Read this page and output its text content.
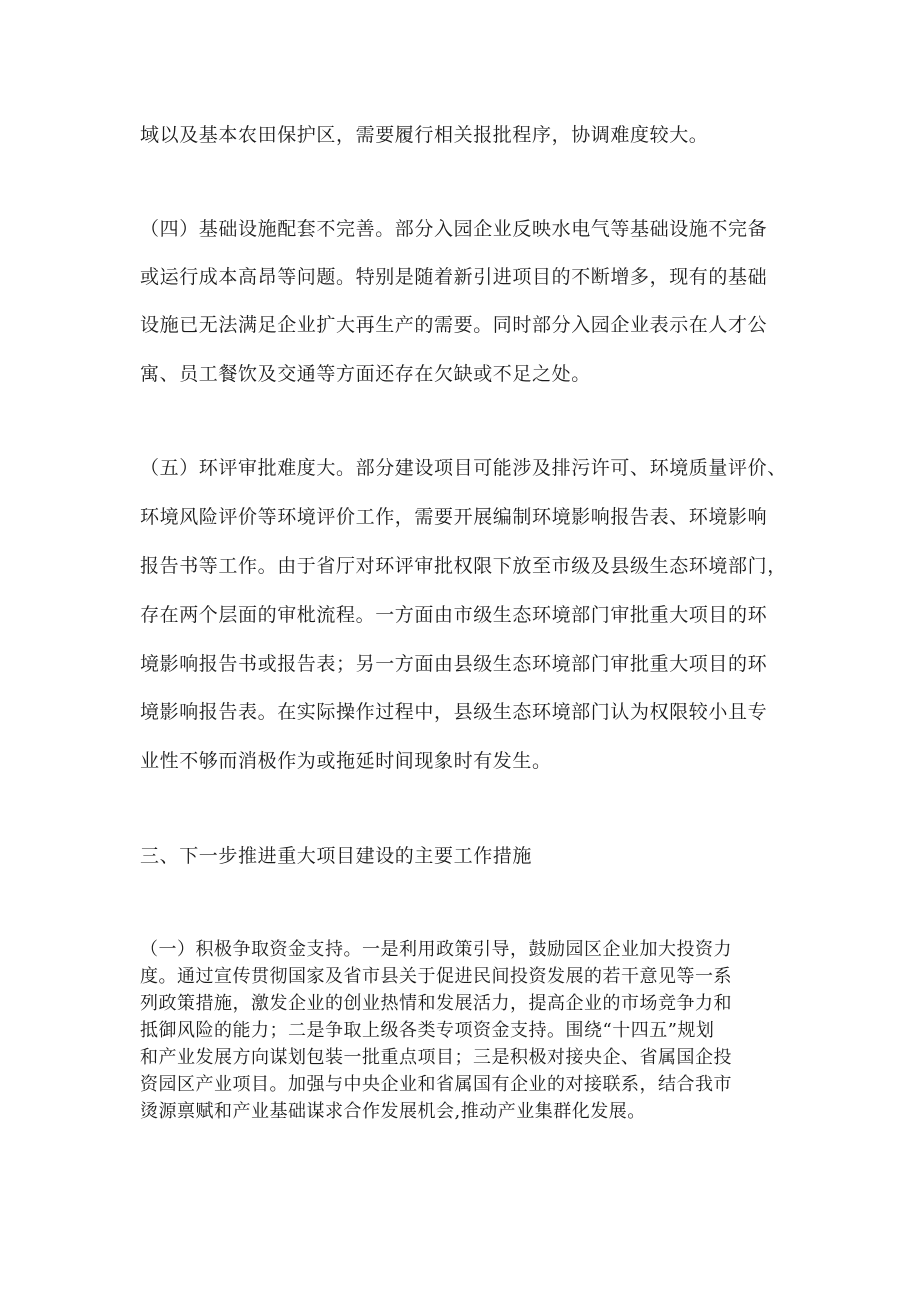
域以及基本农田保护区，需要履行相关报批程序，协调难度较大。
（四）基础设施配套不完善。部分入园企业反映水电气等基础设施不完备
或运行成本高昂等问题。特别是随着新引进项目的不断增多，现有的基础
设施已无法满足企业扩大再生产的需要。同时部分入园企业表示在人才公
寓、员工餐饮及交通等方面还存在欠缺或不足之处。
（五）环评审批难度大。部分建设项目可能涉及排污许可、环境质量评价、
环境风险评价等环境评价工作，需要开展编制环境影响报告表、环境影响
报告书等工作。由于省厅对环评审批权限下放至市级及县级生态环境部门，
存在两个层面的审枇流程。一方面由市级生态环境部门审批重大项目的环
境影响报告书或报告表；另一方面由县级生态环境部门审批重大项目的环
境影响报告表。在实际操作过程中，县级生态环境部门认为权限较小且专
业性不够而消极作为或拖延时间现象时有发生。
三、下一步推进重大项目建设的主要工作措施
（一）积极争取资金支持。一是利用政策引导，鼓励园区企业加大投资力
度。通过宣传贯彻国家及省市县关于促进民间投资发展的若干意见等一系
列政策措施，激发企业的创业热情和发展活力，提高企业的市场竞争力和
抵御风险的能力；二是争取上级各类专项资金支持。围绕“十四五”规划
和产业发展方向谋划包装一批重点项目；三是积极对接央企、省属国企投
资园区产业项目。加强与中央企业和省属国有企业的对接联系，结合我市
烫源禀赋和产业基础谋求合作发展机会,推动产业集群化发展。
